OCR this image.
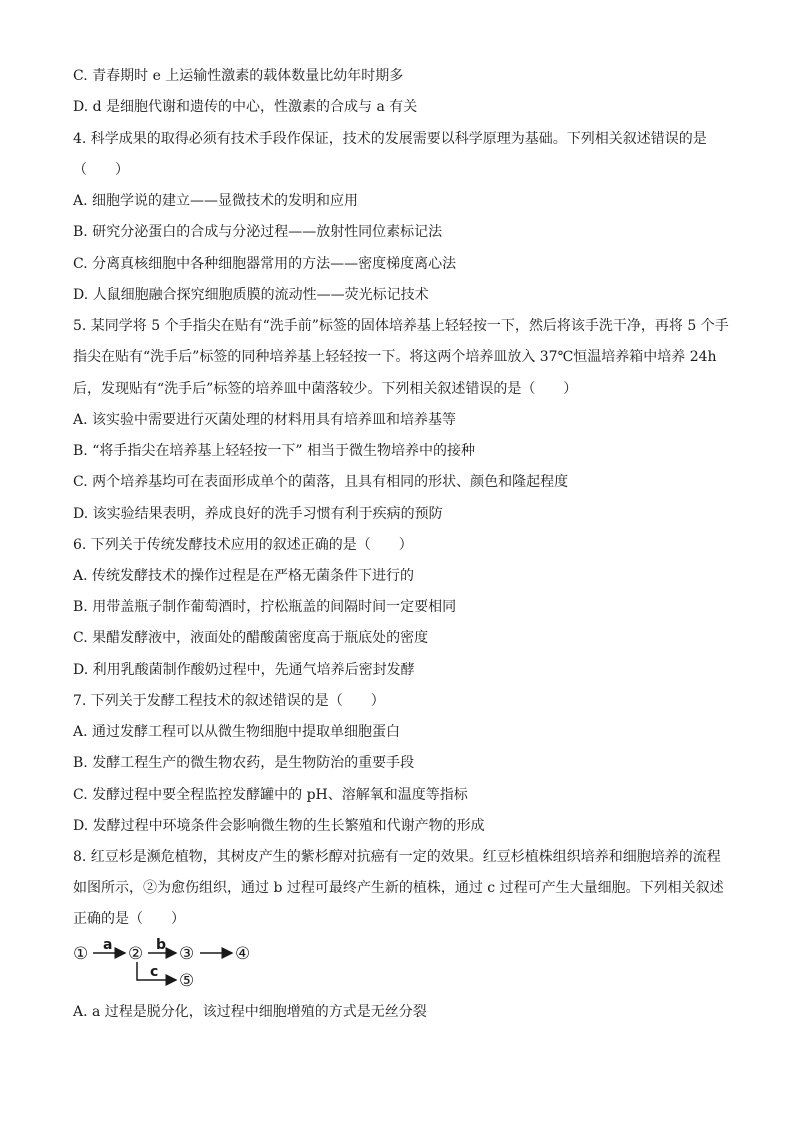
C. 青春期时 e 上运输性激素的载体数量比幼年时期多
D. d 是细胞代谢和遗传的中心，性激素的合成与 a 有关
4. 科学成果的取得必须有技术手段作保证，技术的发展需要以科学原理为基础。下列相关叙述错误的是
（　　）
A. 细胞学说的建立——显微技术的发明和应用
B. 研究分泌蛋白的合成与分泌过程——放射性同位素标记法
C. 分离真核细胞中各种细胞器常用的方法——密度梯度离心法
D. 人鼠细胞融合探究细胞质膜的流动性——荧光标记技术
5. 某同学将 5 个手指尖在贴有“洗手前”标签的固体培养基上轻轻按一下，然后将该手洗干净，再将 5 个手
指尖在贴有“洗手后”标签的同种培养基上轻轻按一下。将这两个培养皿放入 37℃恒温培养箱中培养 24h
后，发现贴有“洗手后”标签的培养皿中菌落较少。下列相关叙述错误的是（　　）
A. 该实验中需要进行灭菌处理的材料用具有培养皿和培养基等
B. “将手指尖在培养基上轻轻按一下” 相当于微生物培养中的接种
C. 两个培养基均可在表面形成单个的菌落，且具有相同的形状、颜色和隆起程度
D. 该实验结果表明，养成良好的洗手习惯有利于疾病的预防
6. 下列关于传统发酵技术应用的叙述正确的是（　　）
A. 传统发酵技术的操作过程是在严格无菌条件下进行的
B. 用带盖瓶子制作葡萄酒时，拧松瓶盖的间隔时间一定要相同
C. 果醋发酵液中，液面处的醋酸菌密度高于瓶底处的密度
D. 利用乳酸菌制作酸奶过程中，先通气培养后密封发酵
7. 下列关于发酵工程技术的叙述错误的是（　　）
A. 通过发酵工程可以从微生物细胞中提取单细胞蛋白
B. 发酵工程生产的微生物农药，是生物防治的重要手段
C. 发酵过程中要全程监控发酵罐中的 pH、溶解氧和温度等指标
D. 发酵过程中环境条件会影响微生物的生长繁殖和代谢产物的形成
8. 红豆杉是濒危植物，其树皮产生的紫杉醇对抗癌有一定的效果。红豆杉植株组织培养和细胞培养的流程
如图所示，②为愈伤组织，通过 b 过程可最终产生新的植株，通过 c 过程可产生大量细胞。下列相关叙述
正确的是（　　）
① a ② b ③ ④
c ⑤
A. a 过程是脱分化，该过程中细胞增殖的方式是无丝分裂
